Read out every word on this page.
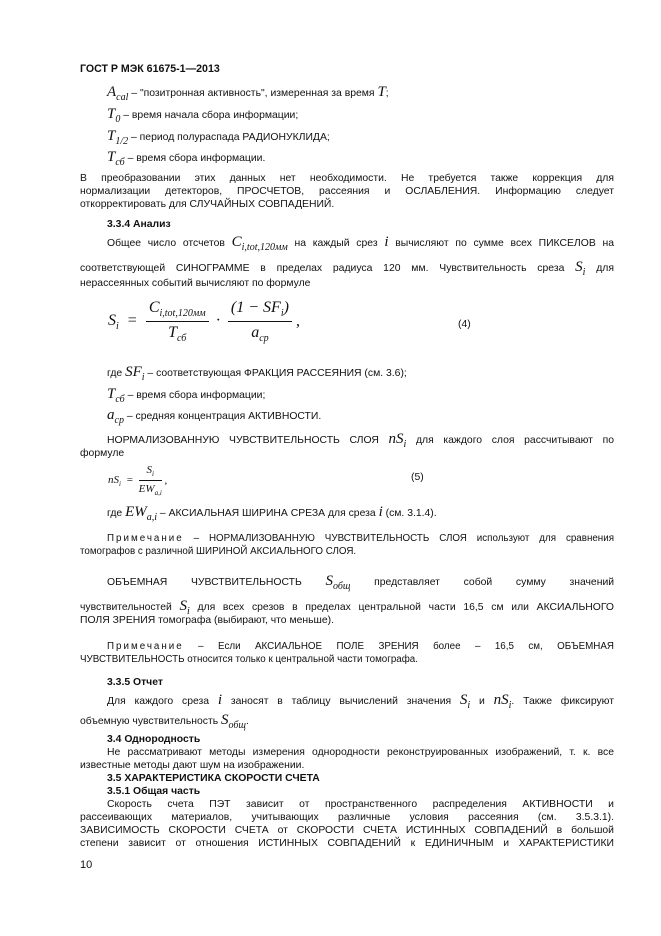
ГОСТ Р МЭК 61675-1—2013
$A_{cal}$ – "позитронная активность", измеренная за время T;
$T_0$ – время начала сбора информации;
$T_{1/2}$ – период полураспада РАДИОНУКЛИДА;
$T_{сб}$ – время сбора информации.
В преобразовании этих данных нет необходимости. Не требуется также коррекция для
нормализации детекторов, ПРОСЧЕТОВ, рассеяния и ОСЛАБЛЕНИЯ. Информацию следует
откорректировать для СЛУЧАЙНЫХ СОВПАДЕНИЙ.
3.3.4 Анализ
Общее число отсчетов $C_{i,tot,120мм}$ на каждый срез i вычисляют по сумме всех ПИКСЕЛОВ на
соответствующей СИНОГРАММЕ в пределах радиуса 120 мм. Чувствительность среза $S_i$ для
нерассеянных событий вычисляют по формуле
$S_i = \frac{C_{i,tot,120мм}}{T_{сб}} \cdot \frac{(1 - SF_i)}{a_{ср}}$ ,	(4)
где $SF_i$ – соответствующая ФРАКЦИЯ РАССЕЯНИЯ (см. 3.6);
$T_{сб}$ – время сбора информации;
$a_{ср}$ – средняя концентрация АКТИВНОСТИ.
НОРМАЛИЗОВАННУЮ ЧУВСТВИТЕЛЬНОСТЬ СЛОЯ $nS_i$ для каждого слоя рассчитывают по
формуле
$nS_i = \frac{S_i}{EW_{a,i}}$ ,	(5)
где $EW_{a,i}$ – АКСИАЛЬНАЯ ШИРИНА СРЕЗА для среза i (см. 3.1.4).
Примечание – НОРМАЛИЗОВАННУЮ ЧУВСТВИТЕЛЬНОСТЬ СЛОЯ используют для сравнения
томографов с различной ШИРИНОЙ АКСИАЛЬНОГО СЛОЯ.
ОБЪЕМНАЯ ЧУВСТВИТЕЛЬНОСТЬ $S_{общ}$ представляет собой сумму значений
чувствительностей $S_i$ для всех срезов в пределах центральной части 16,5 см или АКСИАЛЬНОГО
ПОЛЯ ЗРЕНИЯ томографа (выбирают, что меньше).
Примечание – Если АКСИАЛЬНОЕ ПОЛЕ ЗРЕНИЯ более – 16,5 см, ОБЪЕМНАЯ
ЧУВСТВИТЕЛЬНОСТЬ относится только к центральной части томографа.
3.3.5 Отчет
Для каждого среза i заносят в таблицу вычислений значения $S_i$ и $nS_i$. Также фиксируют
объемную чувствительность $S_{общ}$.
3.4 Однородность
Не рассматривают методы измерения однородности реконструированных изображений, т. к. все
известные методы дают шум на изображении.
3.5 ХАРАКТЕРИСТИКА СКОРОСТИ СЧЕТА
3.5.1 Общая часть
Скорость счета ПЭТ зависит от пространственного распределения АКТИВНОСТИ и
рассеивающих материалов, учитывающих различные условия рассеяния (см. 3.5.3.1).
ЗАВИСИМОСТЬ СКОРОСТИ СЧЕТА от СКОРОСТИ СЧЕТА ИСТИННЫХ СОВПАДЕНИЙ в большой
степени зависит от отношения ИСТИННЫХ СОВПАДЕНИЙ к ЕДИНИЧНЫМ и ХАРАКТЕРИСТИКИ
10
